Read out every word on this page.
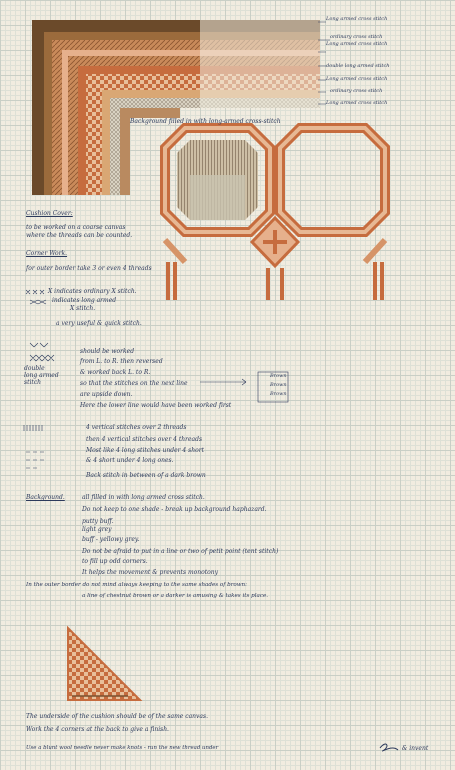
Long armed cross stitch
ordinary cross stitch
Long armed cross stitch
double long armed stitch
Long armed cross stitch
ordinary cross stitch
Long armed cross stitch
Background filled in with long-armed cross-stitch
Cushion Cover:
to be worked on a coarse canvas
where the threads can be counted.
Corner Work.
for outer border take 3 or even 4 threads
X indicates ordinary X stitch.
indicates long armed
X stitch.
a very useful & quick stitch.
double
long armed
stitch
should be worked
from L. to R. then reversed
& worked back L. to R.
so that the stitches on the next line
are upside down.
Here the lower line would have been worked first
Brown
Brown
Brown
4 vertical stitches over 2 threads
then 4 vertical stitches over 4 threads
Most like 4 long stitches under 4 short
& 4 short under 4 long ones.
Back stitch in between of a dark brown
Background.	all filled in with long armed cross stitch.
Do not keep to one shade - break up background haphazard.
putty buff.
light grey
buff - yellowy grey.
Do not be afraid to put in a line or two of petit point (tent stitch)
to fill up odd corners.
It helps the movement & prevents monotony
In the outer border do not mind always keeping to the same shades of brown:
a line of chestnut brown or a darker is amusing & takes its place.
The underside of the cushion should be of the same canvas.
Work the 4 corners at the back to give a finish.
Use a blunt wool needle never make knots - run the new thread under	& invent
